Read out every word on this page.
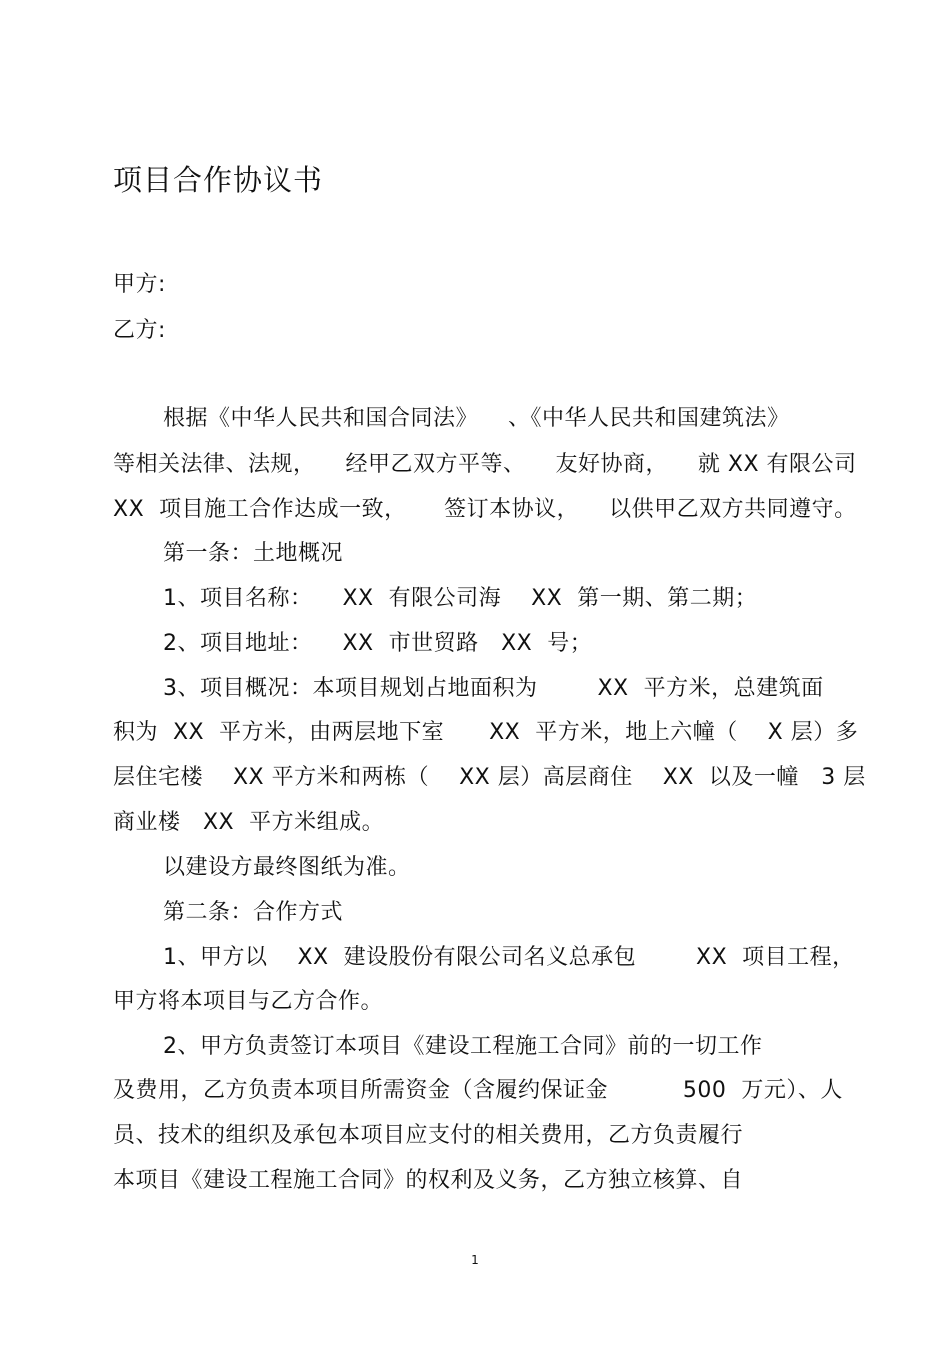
项目合作协议书
甲方:
乙方:
根据《中华人民共和国合同法》    、《中华人民共和国建筑法》
等相关法律、法规，    经甲乙双方平等、    友好协商，    就 XX 有限公司
XX  项目施工合作达成一致，     签订本协议，    以供甲乙双方共同遵守。
第一条：土地概况
1、项目名称：    XX  有限公司海    XX  第一期、第二期；
2、项目地址：    XX  市世贸路   XX  号；
3、项目概况：本项目规划占地面积为        XX  平方米，总建筑面
积为  XX  平方米，由两层地下室      XX  平方米，地上六幢（    X 层）多
层住宅楼    XX 平方米和两栋（    XX 层）高层商住    XX  以及一幢   3 层
商业楼   XX  平方米组成。
以建设方最终图纸为准。
第二条：合作方式
1、甲方以    XX  建设股份有限公司名义总承包        XX  项目工程，
甲方将本项目与乙方合作。
2、甲方负责签订本项目《建设工程施工合同》前的一切工作
及费用，乙方负责本项目所需资金（含履约保证金          500  万元）、人
员、技术的组织及承包本项目应支付的相关费用，乙方负责履行
本项目《建设工程施工合同》的权利及义务，乙方独立核算、自
1
